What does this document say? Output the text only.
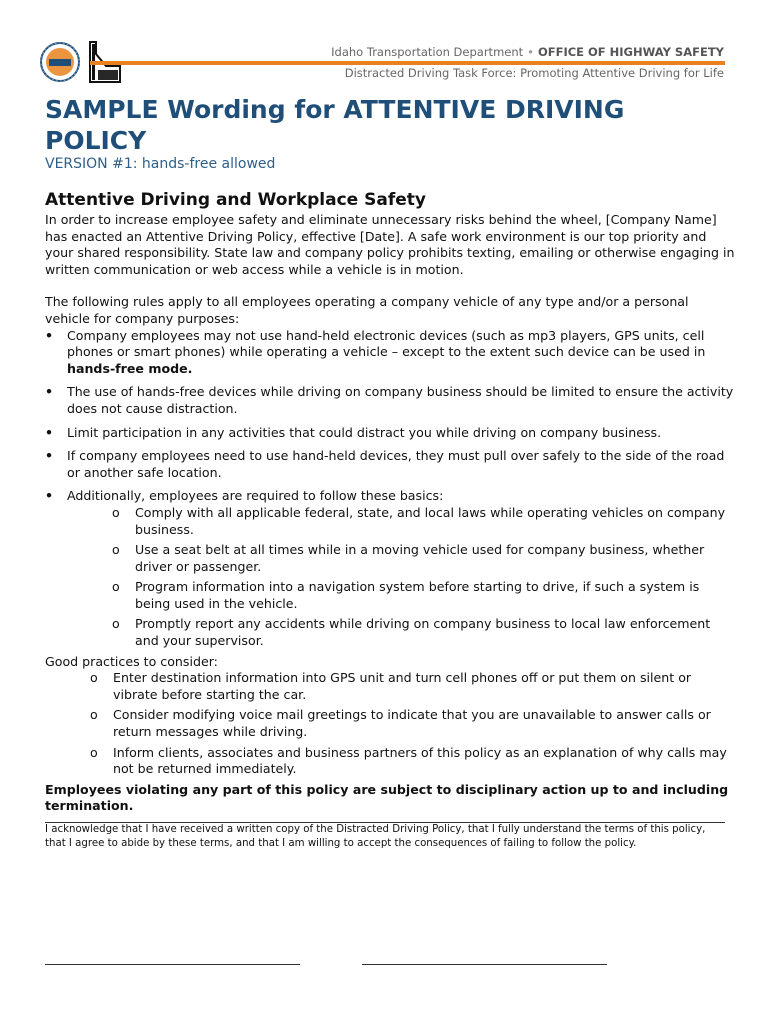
Idaho Transportation Department • OFFICE OF HIGHWAY SAFETY
Distracted Driving Task Force: Promoting Attentive Driving for Life
SAMPLE Wording for ATTENTIVE DRIVING POLICY
VERSION #1: hands-free allowed
Attentive Driving and Workplace Safety

In order to increase employee safety and eliminate unnecessary risks behind the wheel, [Company Name] has enacted an Attentive Driving Policy, effective [Date]. A safe work environment is our top priority and your shared responsibility. State law and company policy prohibits texting, emailing or otherwise engaging in written communication or web access while a vehicle is in motion.

The following rules apply to all employees operating a company vehicle of any type and/or a personal vehicle for company purposes:

• Company employees may not use hand-held electronic devices (such as mp3 players, GPS units, cell phones or smart phones) while operating a vehicle – except to the extent such device can be used in hands-free mode.
• The use of hands-free devices while driving on company business should be limited to ensure the activity does not cause distraction.
• Limit participation in any activities that could distract you while driving on company business.
• If company employees need to use hand-held devices, they must pull over safely to the side of the road or another safe location.
• Additionally, employees are required to follow these basics:
o Comply with all applicable federal, state, and local laws while operating vehicles on company business.
o Use a seat belt at all times while in a moving vehicle used for company business, whether driver or passenger.
o Program information into a navigation system before starting to drive, if such a system is being used in the vehicle.
o Promptly report any accidents while driving on company business to local law enforcement and your supervisor.

Good practices to consider:

o Enter destination information into GPS unit and turn cell phones off or put them on silent or vibrate before starting the car.
o Consider modifying voice mail greetings to indicate that you are unavailable to answer calls or return messages while driving.
o Inform clients, associates and business partners of this policy as an explanation of why calls may not be returned immediately.

Employees violating any part of this policy are subject to disciplinary action up to and including termination.

I acknowledge that I have received a written copy of the Distracted Driving Policy, that I fully understand the terms of this policy, that I agree to abide by these terms, and that I am willing to accept the consequences of failing to follow the policy.
